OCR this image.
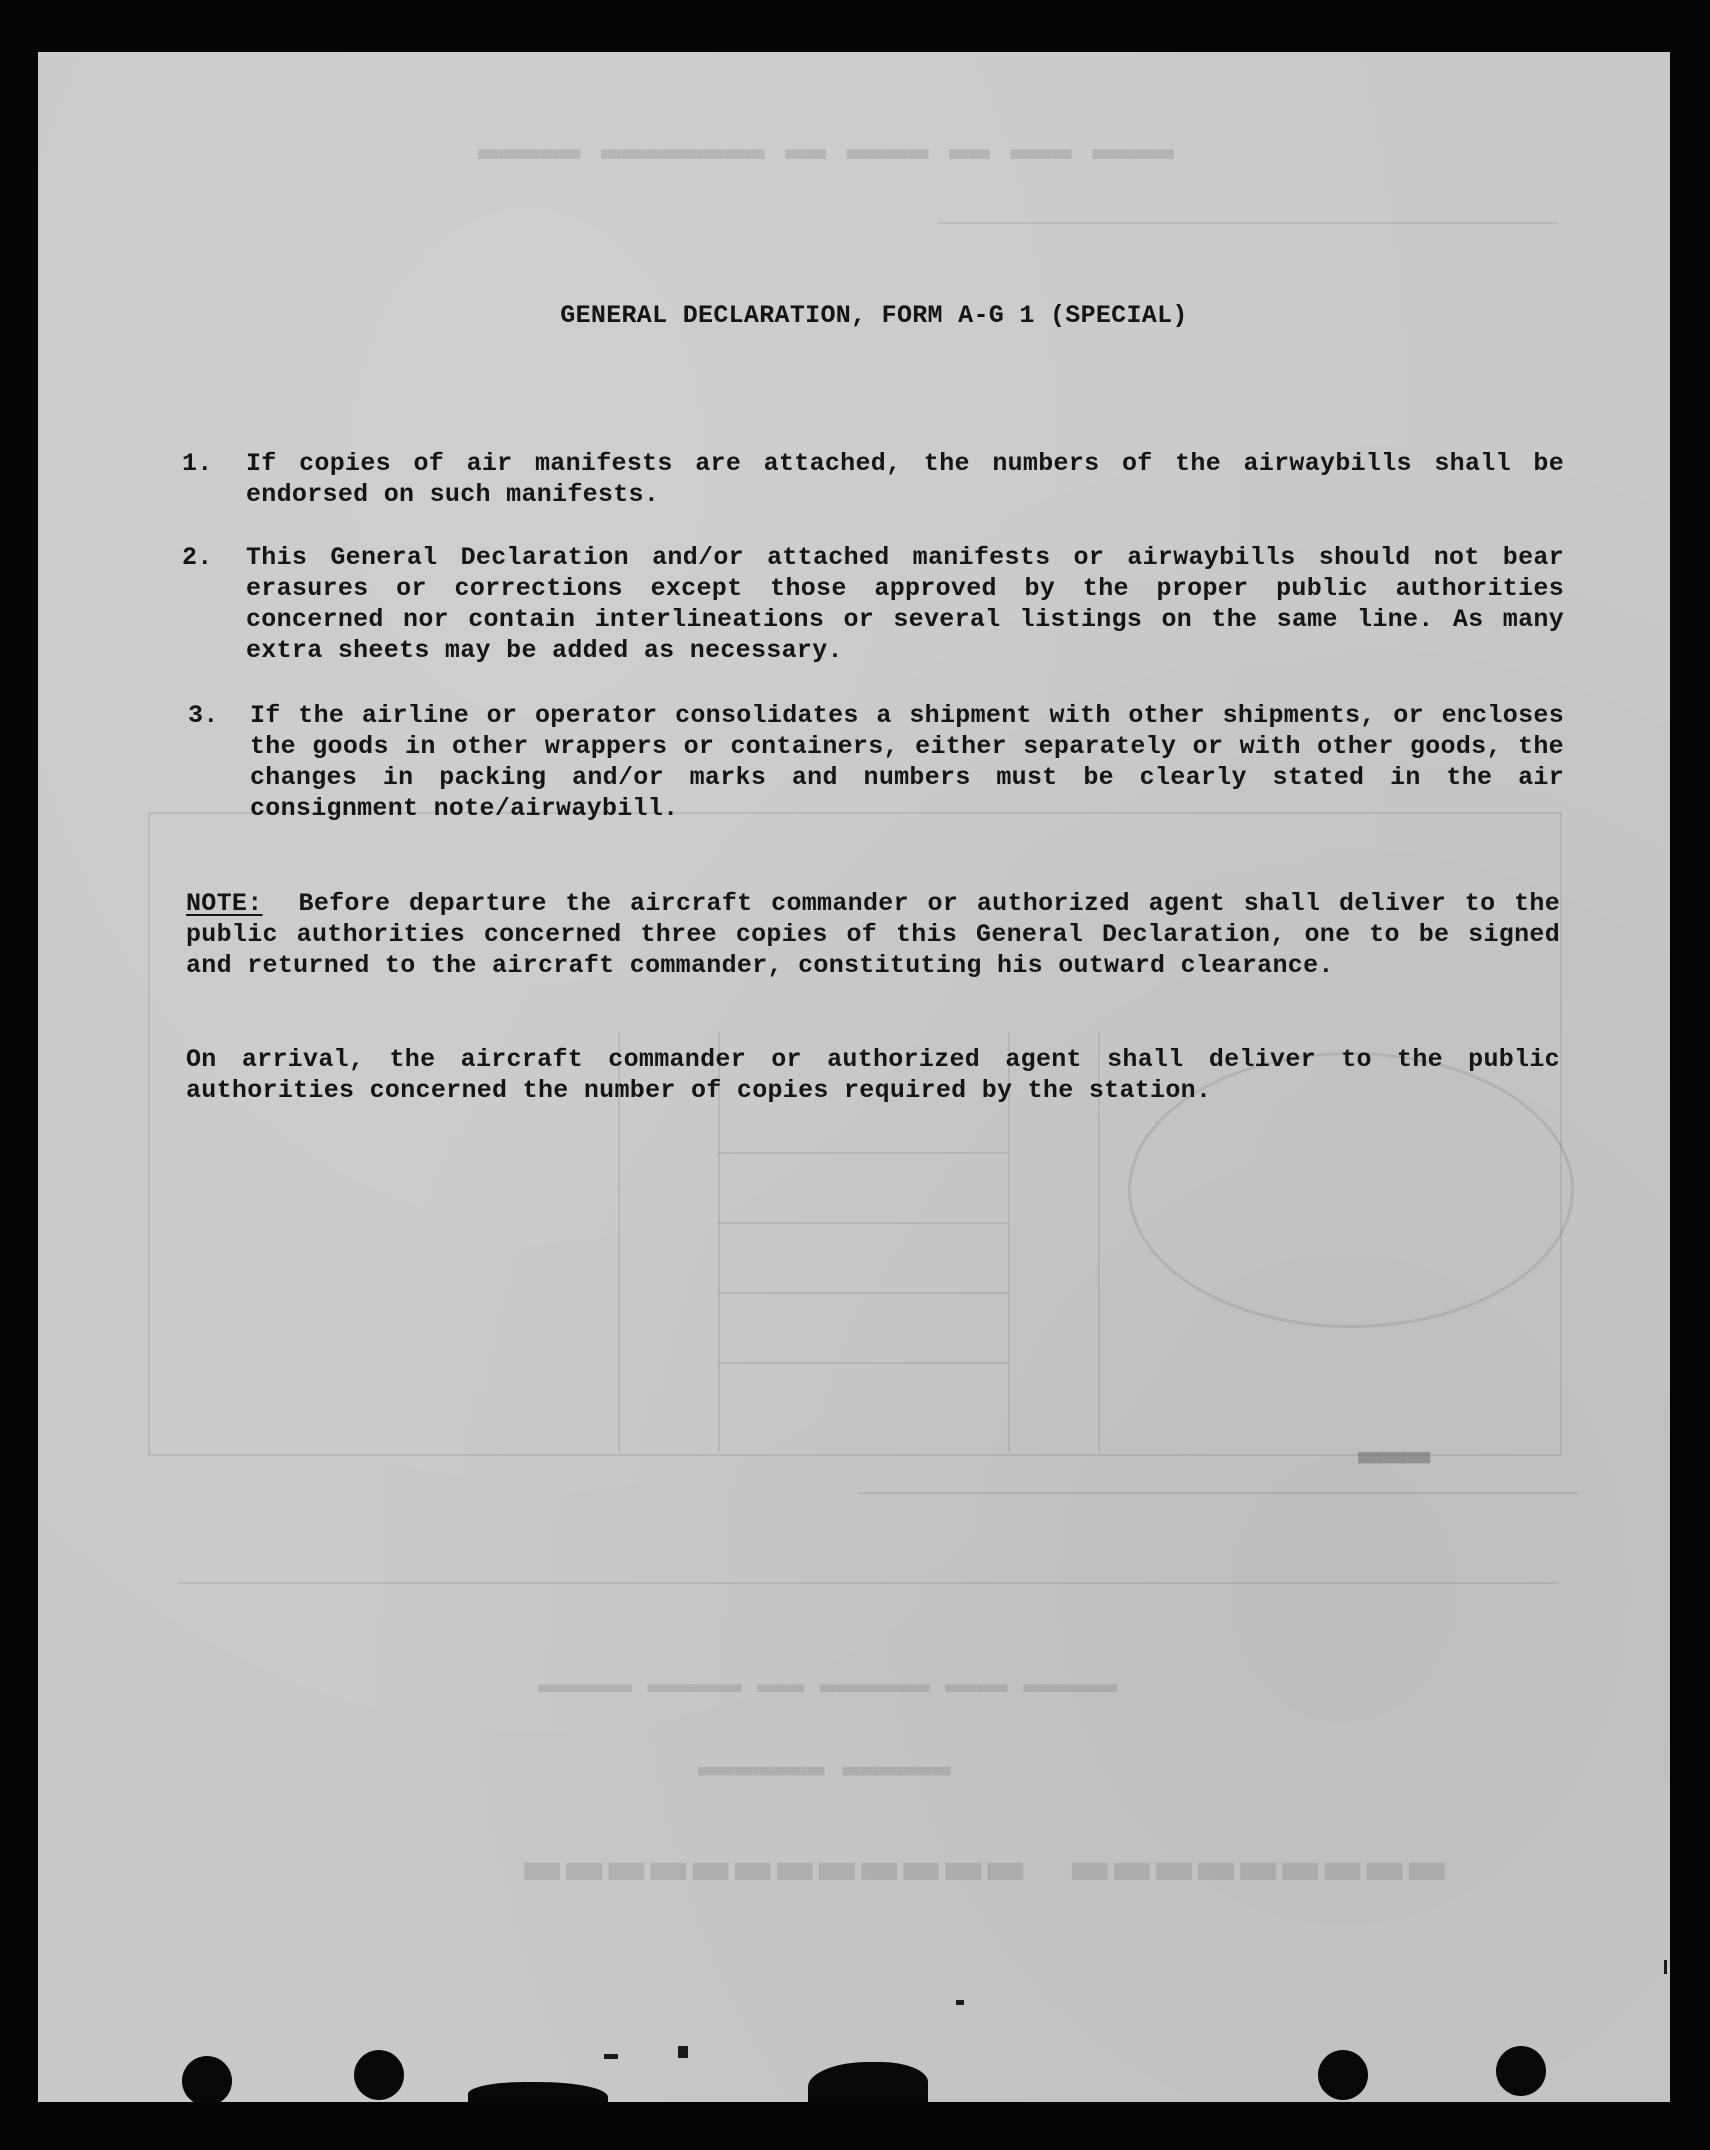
▬▬▬▬ ▬▬▬ ▬▬ ▬▬▬▬ ▬▬ ▬▬▬▬▬▬▬▬ ▬▬▬▬▬
▬▬▬▬▬▬▬▬▬ ▬▬▬▬▬▬▬▬▬▬▬▬
▬▬▬▬▬▬ ▬▬▬▬▬▬▬
▬▬▬▬▬▬ ▬▬▬▬ ▬▬▬▬▬▬▬ ▬▬▬ ▬▬▬▬▬▬ ▬▬▬▬▬▬
▬▬▬
GENERAL DECLARATION, FORM A-G 1 (SPECIAL)
1.	If copies of air manifests are attached, the numbers of the airwaybills shall be endorsed on such manifests.
2.	This General Declaration and/or attached manifests or airwaybills should not bear erasures or corrections except those approved by the proper public authorities concerned nor contain interlineations or several listings on the same line. As many extra sheets may be added as necessary.
3.	If the airline or operator consolidates a shipment with other shipments, or encloses the goods in other wrappers or containers, either separately or with other goods, the changes in packing and/or marks and numbers must be clearly stated in the air consignment note/airwaybill.
NOTE: Before departure the aircraft commander or authorized agent shall deliver to the public authorities concerned three copies of this General Declaration, one to be signed and returned to the aircraft commander, constituting his outward clearance.
On arrival, the aircraft commander or authorized agent shall deliver to the public authorities concerned the number of copies required by the station.
